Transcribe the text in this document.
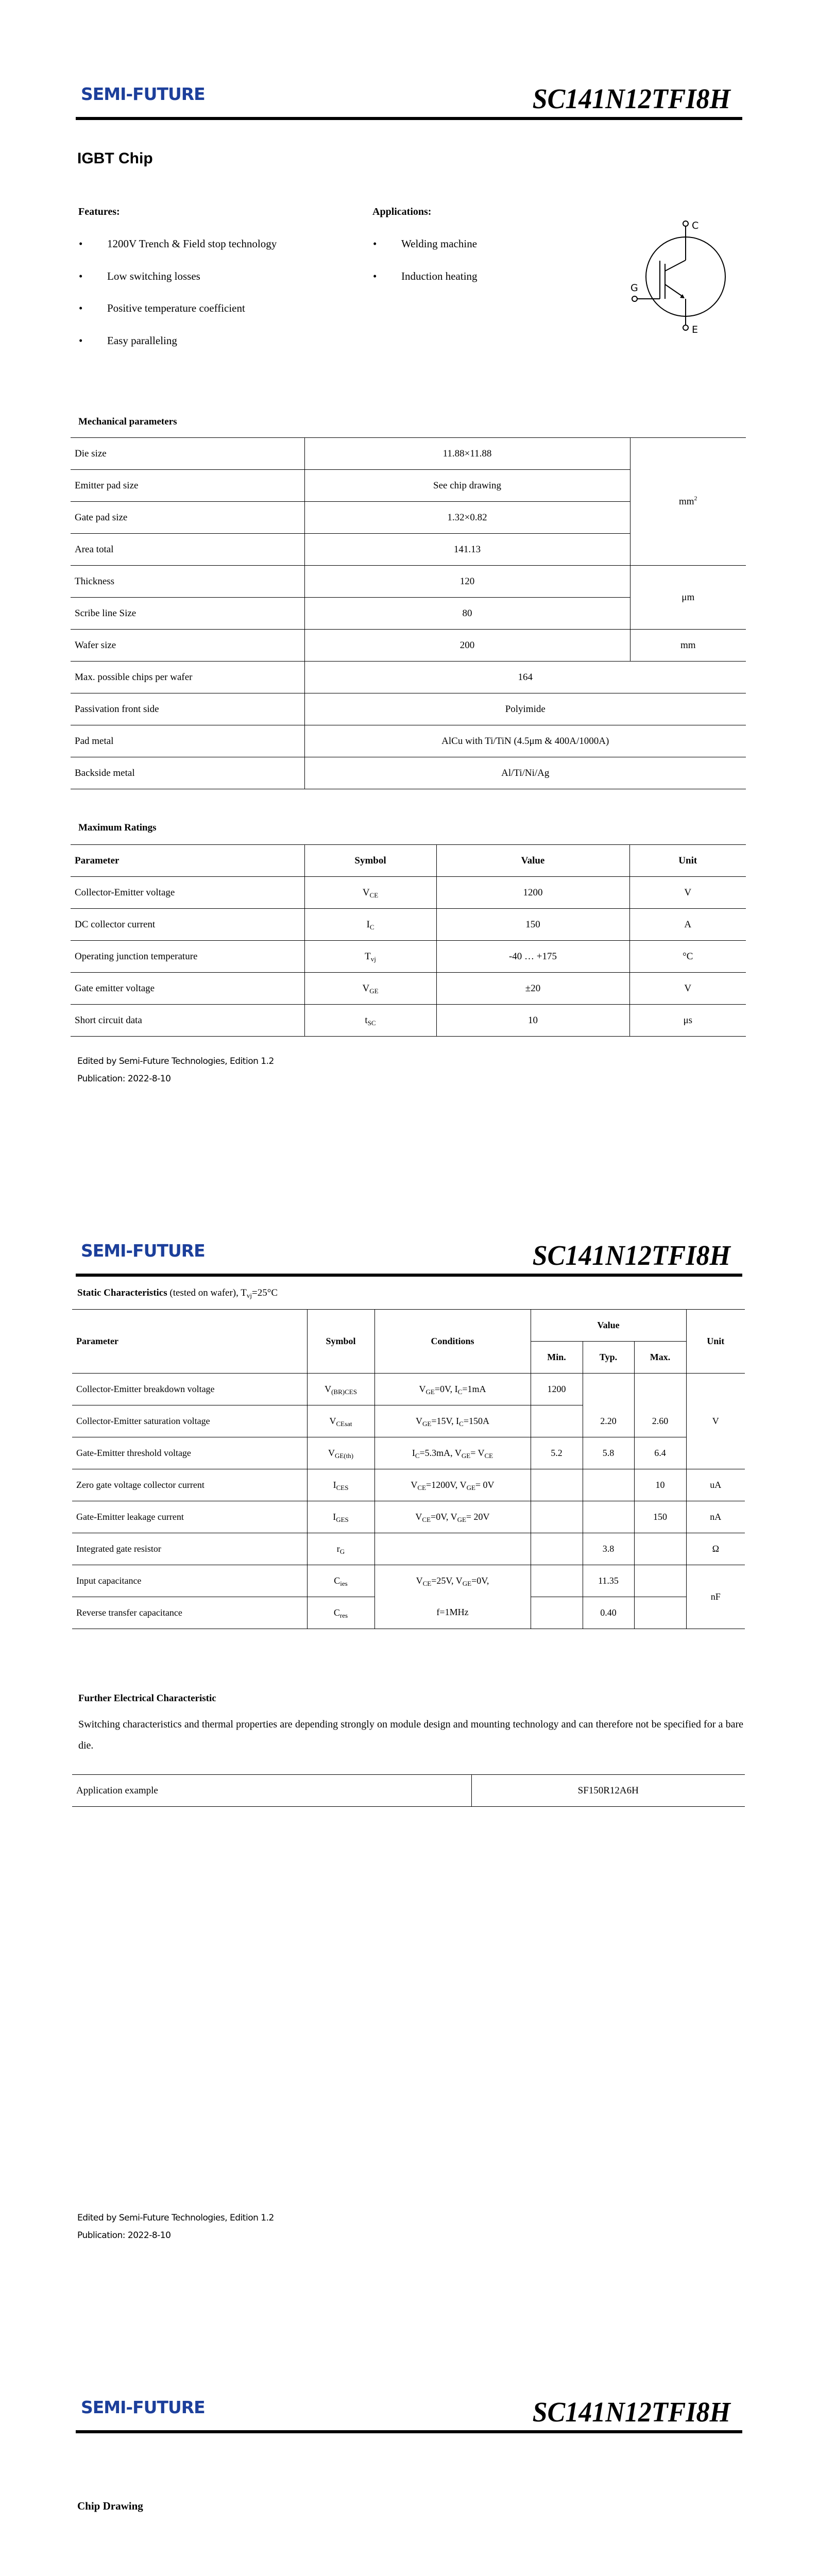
SEMI-FUTURE	SC141N12TFI8H
IGBT Chip
Features:	Applications:
• 1200V Trench & Field stop technology
• Low switching losses
• Positive temperature coefficient
• Easy paralleling
• Welding machine
• Induction heating
C
E
G
Mechanical parameters
Die size	11.88×11.88	$mm^2$
Emitter pad size	See chip drawing	
Gate pad size	1.32×0.82	
Area total	141.13	
Thickness	120	μm
Scribe line Size	80	
Wafer size	200	mm
Max. possible chips per wafer	164	
Passivation front side	Polyimide	
Pad metal	AlCu with Ti/TiN (4.5μm & 400A/1000A)	
Backside metal	Al/Ti/Ni/Ag	
Maximum Ratings
Parameter	Symbol	Value	Unit
Collector-Emitter voltage	$V_{CE}$	1200	V
DC collector current	$I_C$	150	A
Operating junction temperature	$T_{vj}$	-40 … +175	°C
Gate emitter voltage	$V_{GE}$	±20	V
Short circuit data	$t_{SC}$	10	μs
Edited by Semi-Future Technologies, Edition 1.2
Publication: 2022-8-10
SEMI-FUTURE	SC141N12TFI8H
Static Characteristics (tested on wafer), $T_{vj}=25^\circ C$
Parameter	Symbol	Conditions	Value			Unit
			Min.	Typ.	Max.	
Collector-Emitter breakdown voltage	$V_{(BR)CES}$	$V_{GE}=0V$, $I_C=1mA$	1200			V
Collector-Emitter saturation voltage	$V_{CEsat}$	$V_{GE}=15V$, $I_C=150A$		2.20	2.60	
Gate-Emitter threshold voltage	$V_{GE(th)}$	$I_C=5.3mA$, $V_{GE}= V_{CE}$	5.2	5.8	6.4	
Zero gate voltage collector current	$I_{CES}$	$V_{CE}=1200V$, $V_{GE}= 0V$			10	uA
Gate-Emitter leakage current	$I_{GES}$	$V_{CE}=0V$, $V_{GE}= 20V$			150	nA
Integrated gate resistor	$r_G$			3.8		Ω
Input capacitance	$C_{ies}$	$V_{CE}=25V$, $V_{GE}=0V$,
f=1MHz		11.35		nF
Reverse transfer capacitance	$C_{res}$			0.40		
Further Electrical Characteristic
Switching characteristics and thermal properties are depending strongly on module design and mounting technology and can therefore not be specified for a bare die.
Application example	SF150R12A6H
Edited by Semi-Future Technologies, Edition 1.2
Publication: 2022-8-10
SEMI-FUTURE	SC141N12TFI8H
Chip Drawing
